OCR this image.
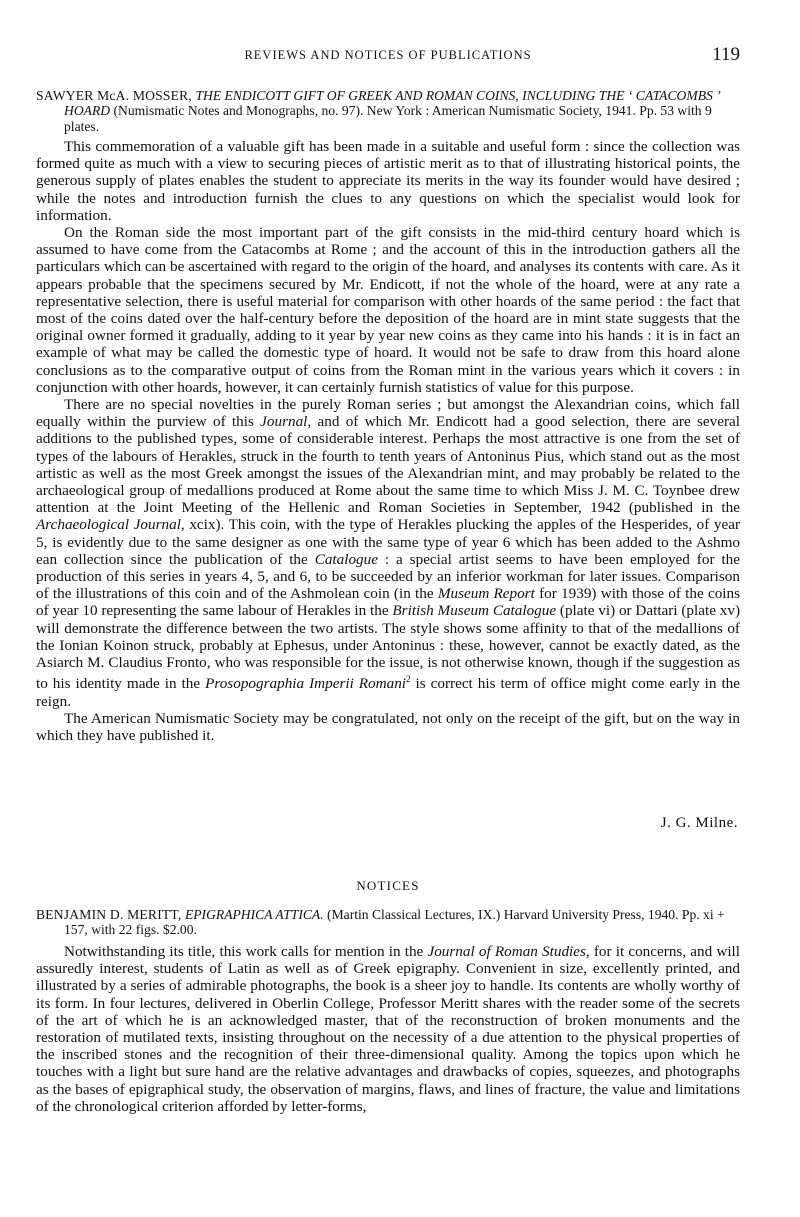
REVIEWS AND NOTICES OF PUBLICATIONS	119
SAWYER McA. MOSSER, THE ENDICOTT GIFT OF GREEK AND ROMAN COINS, INCLUDING THE ‘ CATACOMBS ’ HOARD (Numismatic Notes and Monographs, no. 97). New York : American Numismatic Society, 1941. Pp. 53 with 9 plates.

This commemoration of a valuable gift has been made in a suitable and useful form : since the collection was formed quite as much with a view to securing pieces of artistic merit as to that of illustrating historical points, the generous supply of plates enables the student to appreciate its merits in the way its founder would have desired ; while the notes and introduction furnish the clues to any questions on which the specialist would look for information.

On the Roman side the most important part of the gift consists in the mid-third century hoard which is assumed to have come from the Catacombs at Rome ; and the account of this in the introduction gathers all the particulars which can be ascertained with regard to the origin of the hoard, and analyses its contents with care. As it appears probable that the specimens secured by Mr. Endicott, if not the whole of the hoard, were at any rate a representative selection, there is useful material for comparison with other hoards of the same period : the fact that most of the coins dated over the half-century before the deposition of the hoard are in mint state suggests that the original owner formed it gradually, adding to it year by year new coins as they came into his hands : it is in fact an example of what may be called the domestic type of hoard. It would not be safe to draw from this hoard alone conclusions as to the comparative output of coins from the Roman mint in the various years which it covers : in conjunction with other hoards, however, it can certainly furnish statistics of value for this purpose.

There are no special novelties in the purely Roman series ; but amongst the Alexandrian coins, which fall equally within the purview of this Journal, and of which Mr. Endicott had a good selection, there are several additions to the published types, some of considerable interest. Perhaps the most attractive is one from the set of types of the labours of Herakles, struck in the fourth to tenth years of Antoninus Pius, which stand out as the most artistic as well as the most Greek amongst the issues of the Alexandrian mint, and may probably be related to the archaeological group of medallions produced at Rome about the same time to which Miss J. M. C. Toynbee drew attention at the Joint Meeting of the Hellenic and Roman Societies in September, 1942 (published in the Archaeological Journal, xcix). This coin, with the type of Herakles plucking the apples of the Hesperides, of year 5, is evidently due to the same designer as one with the same type of year 6 which has been added to the Ashmo ean collection since the publication of the Catalogue : a special artist seems to have been employed for the production of this series in years 4, 5, and 6, to be succeeded by an inferior workman for later issues. Comparison of the illustrations of this coin and of the Ashmolean coin (in the Museum Report for 1939) with those of the coins of year 10 representing the same labour of Herakles in the British Museum Catalogue (plate vi) or Dattari (plate xv) will demonstrate the difference between the two artists. The style shows some affinity to that of the medallions of the Ionian Koinon struck, probably at Ephesus, under Antoninus : these, however, cannot be exactly dated, as the Asiarch M. Claudius Fronto, who was responsible for the issue, is not otherwise known, though if the suggestion as to his identity made in the Prosopographia Imperii Romani$^2$ is correct his term of office might come early in the reign.

The American Numismatic Society may be congratulated, not only on the receipt of the gift, but on the way in which they have published it.

J. G. Milne.
NOTICES
BENJAMIN D. MERITT, EPIGRAPHICA ATTICA. (Martin Classical Lectures, IX.) Harvard University Press, 1940. Pp. xi + 157, with 22 figs. $2.00.

Notwithstanding its title, this work calls for mention in the Journal of Roman Studies, for it concerns, and will assuredly interest, students of Latin as well as of Greek epigraphy. Convenient in size, excellently printed, and illustrated by a series of admirable photographs, the book is a sheer joy to handle. Its contents are wholly worthy of its form. In four lectures, delivered in Oberlin College, Professor Meritt shares with the reader some of the secrets of the art of which he is an acknowledged master, that of the reconstruction of broken monuments and the restoration of mutilated texts, insisting throughout on the necessity of a due attention to the physical properties of the inscribed stones and the recognition of their three-dimensional quality. Among the topics upon which he touches with a light but sure hand are the relative advantages and drawbacks of copies, squeezes, and photographs as the bases of epigraphical study, the observation of margins, flaws, and lines of fracture, the value and limitations of the chronological criterion afforded by letter-forms,
